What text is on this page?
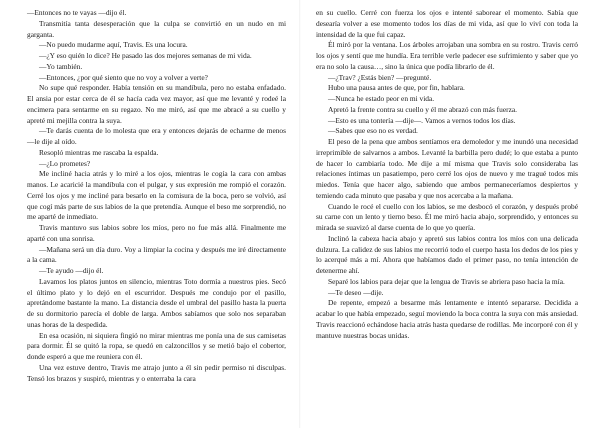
—Entonces no te vayas —dijo él.

Transmitía tanta desesperación que la culpa se convirtió en un nudo en mi garganta.

—No puedo mudarme aquí, Travis. Es una locura.

—¿Y eso quién lo dice? He pasado las dos mejores semanas de mi vida.

—Yo también.

—Entonces, ¿por qué siento que no voy a volver a verte?

No supe qué responder. Había tensión en su mandíbula, pero no estaba enfadado. El ansia por estar cerca de él se hacía cada vez mayor, así que me levanté y rodeé la encimera para sentarme en su regazo. No me miró, así que me abracé a su cuello y apreté mi mejilla contra la suya.

—Te darás cuenta de lo molesta que era y entonces dejarás de echarme de menos —le dije al oído.

Resopló mientras me rascaba la espalda.

—¿Lo prometes?

Me incliné hacia atrás y lo miré a los ojos, mientras le cogía la cara con ambas manos. Le acaricié la mandíbula con el pulgar, y sus expresión me rompió el corazón. Cerré los ojos y me incliné para besarlo en la comisura de la boca, pero se volvió, así que cogí más parte de sus labios de la que pretendía. Aunque el beso me sorprendió, no me aparté de inmediato.

Travis mantuvo sus labios sobre los míos, pero no fue más allá. Finalmente me aparté con una sonrisa.

—Mañana será un día duro. Voy a limpiar la cocina y después me iré directamente a la cama.

—Te ayudo —dijo él.

Lavamos los platos juntos en silencio, mientras Toto dormía a nuestros pies. Secó el último plato y lo dejó en el escurridor. Después me condujo por el pasillo, apretándome bastante la mano. La distancia desde el umbral del pasillo hasta la puerta de su dormitorio parecía el doble de larga. Ambos sabíamos que solo nos separaban unas horas de la despedida.

En esa ocasión, ni siquiera fingió no mirar mientras me ponía una de sus camisetas para dormir. Él se quitó la ropa, se quedó en calzoncillos y se metió bajo el cobertor, donde esperó a que me reuniera con él.

Una vez estuve dentro, Travis me atrajo junto a él sin pedir permiso ni disculpas. Tensó los brazos y suspiró, mientras y o enterraba la cara

en su cuello. Cerré con fuerza los ojos e intenté saborear el momento. Sabía que desearía volver a ese momento todos los días de mi vida, así que lo viví con toda la intensidad de la que fui capaz.

Él miró por la ventana. Los árboles arrojaban una sombra en su rostro. Travis cerró los ojos y sentí que me hundía. Era terrible verle padecer ese sufrimiento y saber que yo era no solo la causa…, sino la única que podía librarlo de él.

—¿Trav? ¿Estás bien? —pregunté.

Hubo una pausa antes de que, por fin, hablara.

—Nunca he estado peor en mi vida.

Apretó la frente contra su cuello y él me abrazó con más fuerza.

—Esto es una tontería —dije—. Vamos a vernos todos los días.

—Sabes que eso no es verdad.

El peso de la pena que ambos sentíamos era demoledor y me inundó una necesidad irreprimible de salvarnos a ambos. Levanté la barbilla pero dudé; lo que estaba a punto de hacer lo cambiaría todo. Me dije a mí misma que Travis solo consideraba las relaciones íntimas un pasatiempo, pero cerré los ojos de nuevo y me tragué todos mis miedos. Tenía que hacer algo, sabiendo que ambos permaneceríamos despiertos y temiendo cada minuto que pasaba y que nos acercaba a la mañana.

Cuando le rocé el cuello con los labios, se me desbocó el corazón, y después probé su carne con un lento y tierno beso. Él me miró hacia abajo, sorprendido, y entonces su mirada se suavizó al darse cuenta de lo que yo quería.

Inclinó la cabeza hacia abajo y apretó sus labios contra los míos con una delicada dulzura. La calidez de sus labios me recorrió todo el cuerpo hasta los dedos de los pies y lo acerqué más a mí. Ahora que habíamos dado el primer paso, no tenía intención de detenerme ahí.

Separé los labios para dejar que la lengua de Travis se abriera paso hacia la mía.

—Te deseo —dije.

De repente, empezó a besarme más lentamente e intentó separarse. Decidida a acabar lo que había empezado, seguí moviendo la boca contra la suya con más ansiedad. Travis reaccionó echándose hacia atrás hasta quedarse de rodillas. Me incorporé con él y mantuve nuestras bocas unidas.
